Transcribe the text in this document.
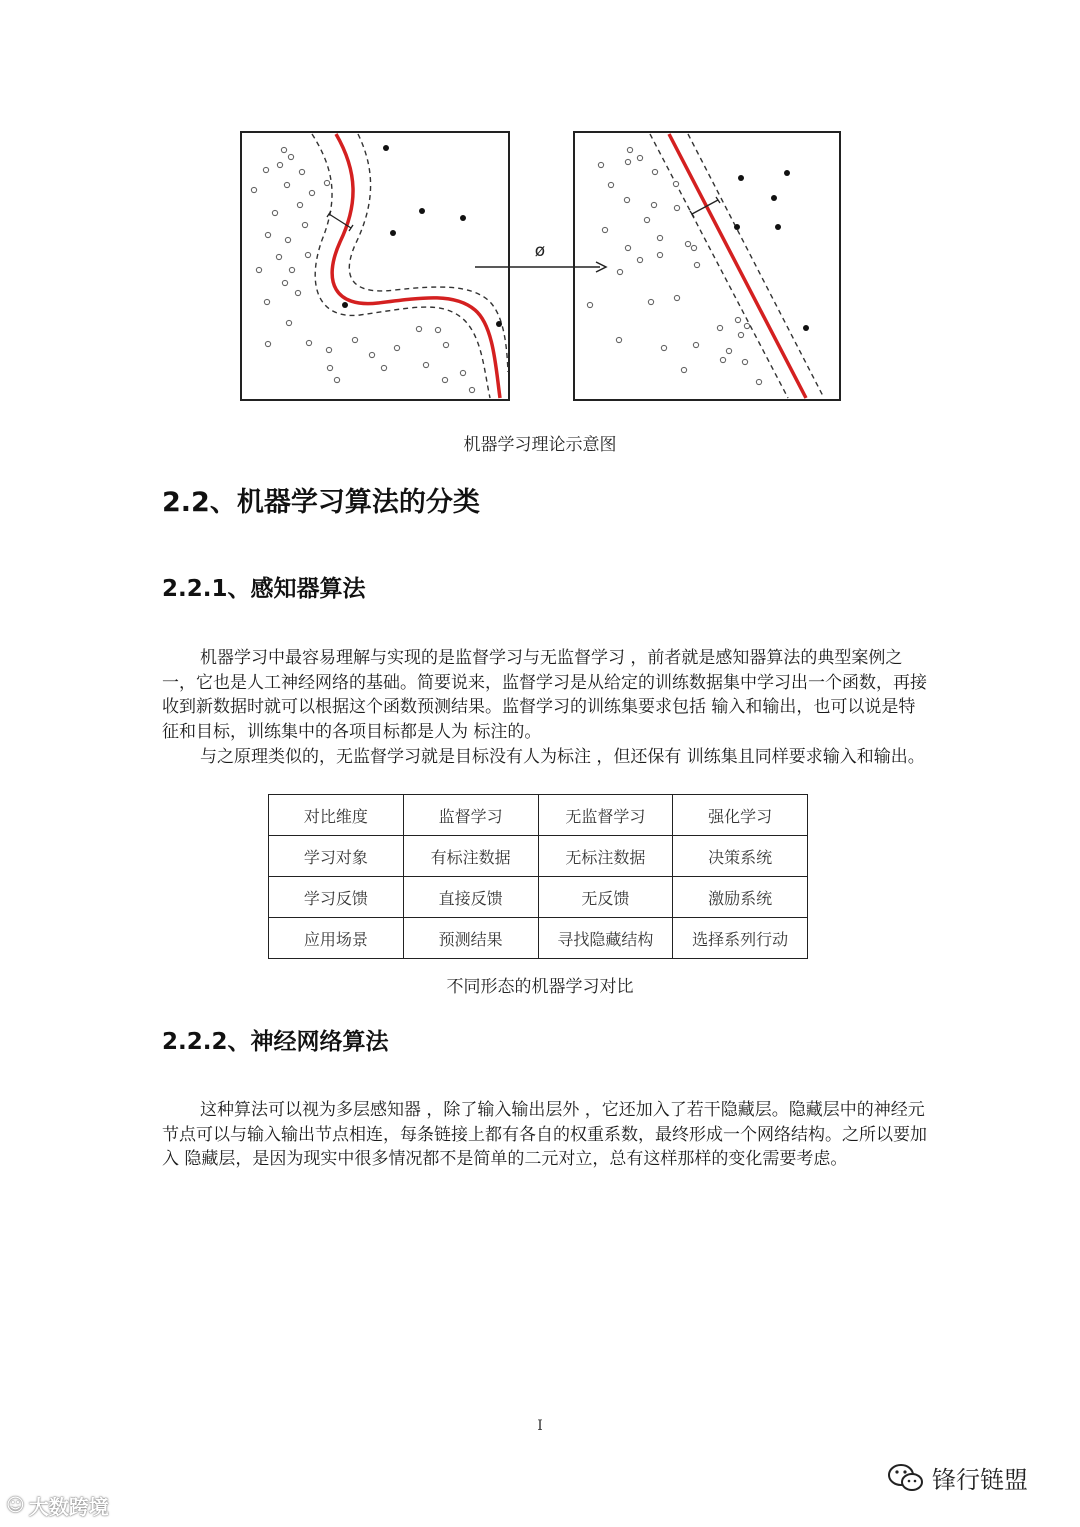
ø
机器学习理论示意图
2.2、机器学习算法的分类
2.2.1、感知器算法

机器学习中最容易理解与实现的是监督学习与无监督学习 ，前者就是感知器算法的典型案例之一，它也是人工神经网络的基础。简要说来，监督学习是从给定的训练数据集中学习出一个函数，再接收到新数据时就可以根据这个函数预测结果。监督学习的训练集要求包括 输入和输出，也可以说是特征和目标，训练集中的各项目标都是人为 标注的。

与之原理类似的，无监督学习就是目标没有人为标注 ，但还保有 训练集且同样要求输入和输出。

对比维度	监督学习	无监督学习	强化学习
学习对象	有标注数据	无标注数据	决策系统
学习反馈	直接反馈	无反馈	激励系统
应用场景	预测结果	寻找隐藏结构	选择系列行动
不同形态的机器学习对比
2.2.2、神经网络算法

这种算法可以视为多层感知器 ，除了输入输出层外 ，它还加入了若干隐藏层。隐藏层中的神经元节点可以与输入输出节点相连，每条链接上都有各自的权重系数，最终形成一个网络结构。之所以要加入 隐藏层，是因为现实中很多情况都不是简单的二元对立，总有这样那样的变化需要考虑。

I
☺ 大数跨境
锋行链盟
